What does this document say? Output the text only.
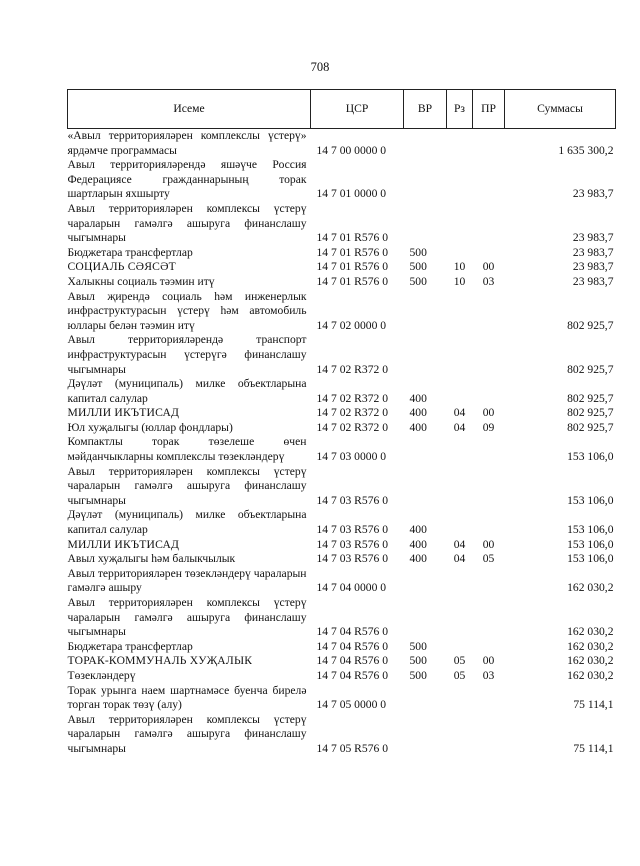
708
Исеме	ЦСР	ВР	Рз	ПР	Суммасы
«Авыл территорияләрен комплекслы үстерү» ярдәмче программасы	14 7 00 0000 0				1 635 300,2
Авыл территорияләрендә яшәүче Россия Федерациясе гражданнарының торак шартларын яхшырту	14 7 01 0000 0				23 983,7
Авыл территорияләрен комплексы үстерү чараларын гамәлгә ашыруга финанслашу чыгымнары	14 7 01 R576 0				23 983,7
Бюджетара трансфертлар	14 7 01 R576 0	500			23 983,7
СОЦИАЛЬ СӘЯСӘТ	14 7 01 R576 0	500	10	00	23 983,7
Халыкны социаль тәэмин итү	14 7 01 R576 0	500	10	03	23 983,7
Авыл җирендә социаль һәм инженерлык инфраструктурасын үстерү һәм автомобиль юллары белән тәэмин итү	14 7 02 0000 0				802 925,7
Авыл территорияләрендә транспорт инфраструктурасын үстерүгә финанслашу чыгымнары	14 7 02 R372 0				802 925,7
Дәүләт (муниципаль) милке объектларына капитал салулар	14 7 02 R372 0	400			802 925,7
МИЛЛИ ИКЪТИСАД	14 7 02 R372 0	400	04	00	802 925,7
Юл хуҗалыгы (юллар фондлары)	14 7 02 R372 0	400	04	09	802 925,7
Компактлы торак төзелеше өчен мәйданчыкларны комплекслы төзекләндерү	14 7 03 0000 0				153 106,0
Авыл территорияләрен комплексы үстерү чараларын гамәлгә ашыруга финанслашу чыгымнары	14 7 03 R576 0				153 106,0
Дәүләт (муниципаль) милке объектларына капитал салулар	14 7 03 R576 0	400			153 106,0
МИЛЛИ ИКЪТИСАД	14 7 03 R576 0	400	04	00	153 106,0
Авыл хуҗалыгы һәм балыкчылык	14 7 03 R576 0	400	04	05	153 106,0
Авыл территорияләрен төзекләндерү чараларын гамәлгә ашыру	14 7 04 0000 0				162 030,2
Авыл территорияләрен комплексы үстерү чараларын гамәлгә ашыруга финанслашу чыгымнары	14 7 04 R576 0				162 030,2
Бюджетара трансфертлар	14 7 04 R576 0	500			162 030,2
ТОРАК-КОММУНАЛЬ ХУҖАЛЫК	14 7 04 R576 0	500	05	00	162 030,2
Төзекләндерү	14 7 04 R576 0	500	05	03	162 030,2
Торак урынга наем шартнамәсе буенча бирелә торган торак төзү (алу)	14 7 05 0000 0				75 114,1
Авыл территорияләрен комплексы үстерү чараларын гамәлгә ашыруга финанслашу чыгымнары	14 7 05 R576 0				75 114,1
